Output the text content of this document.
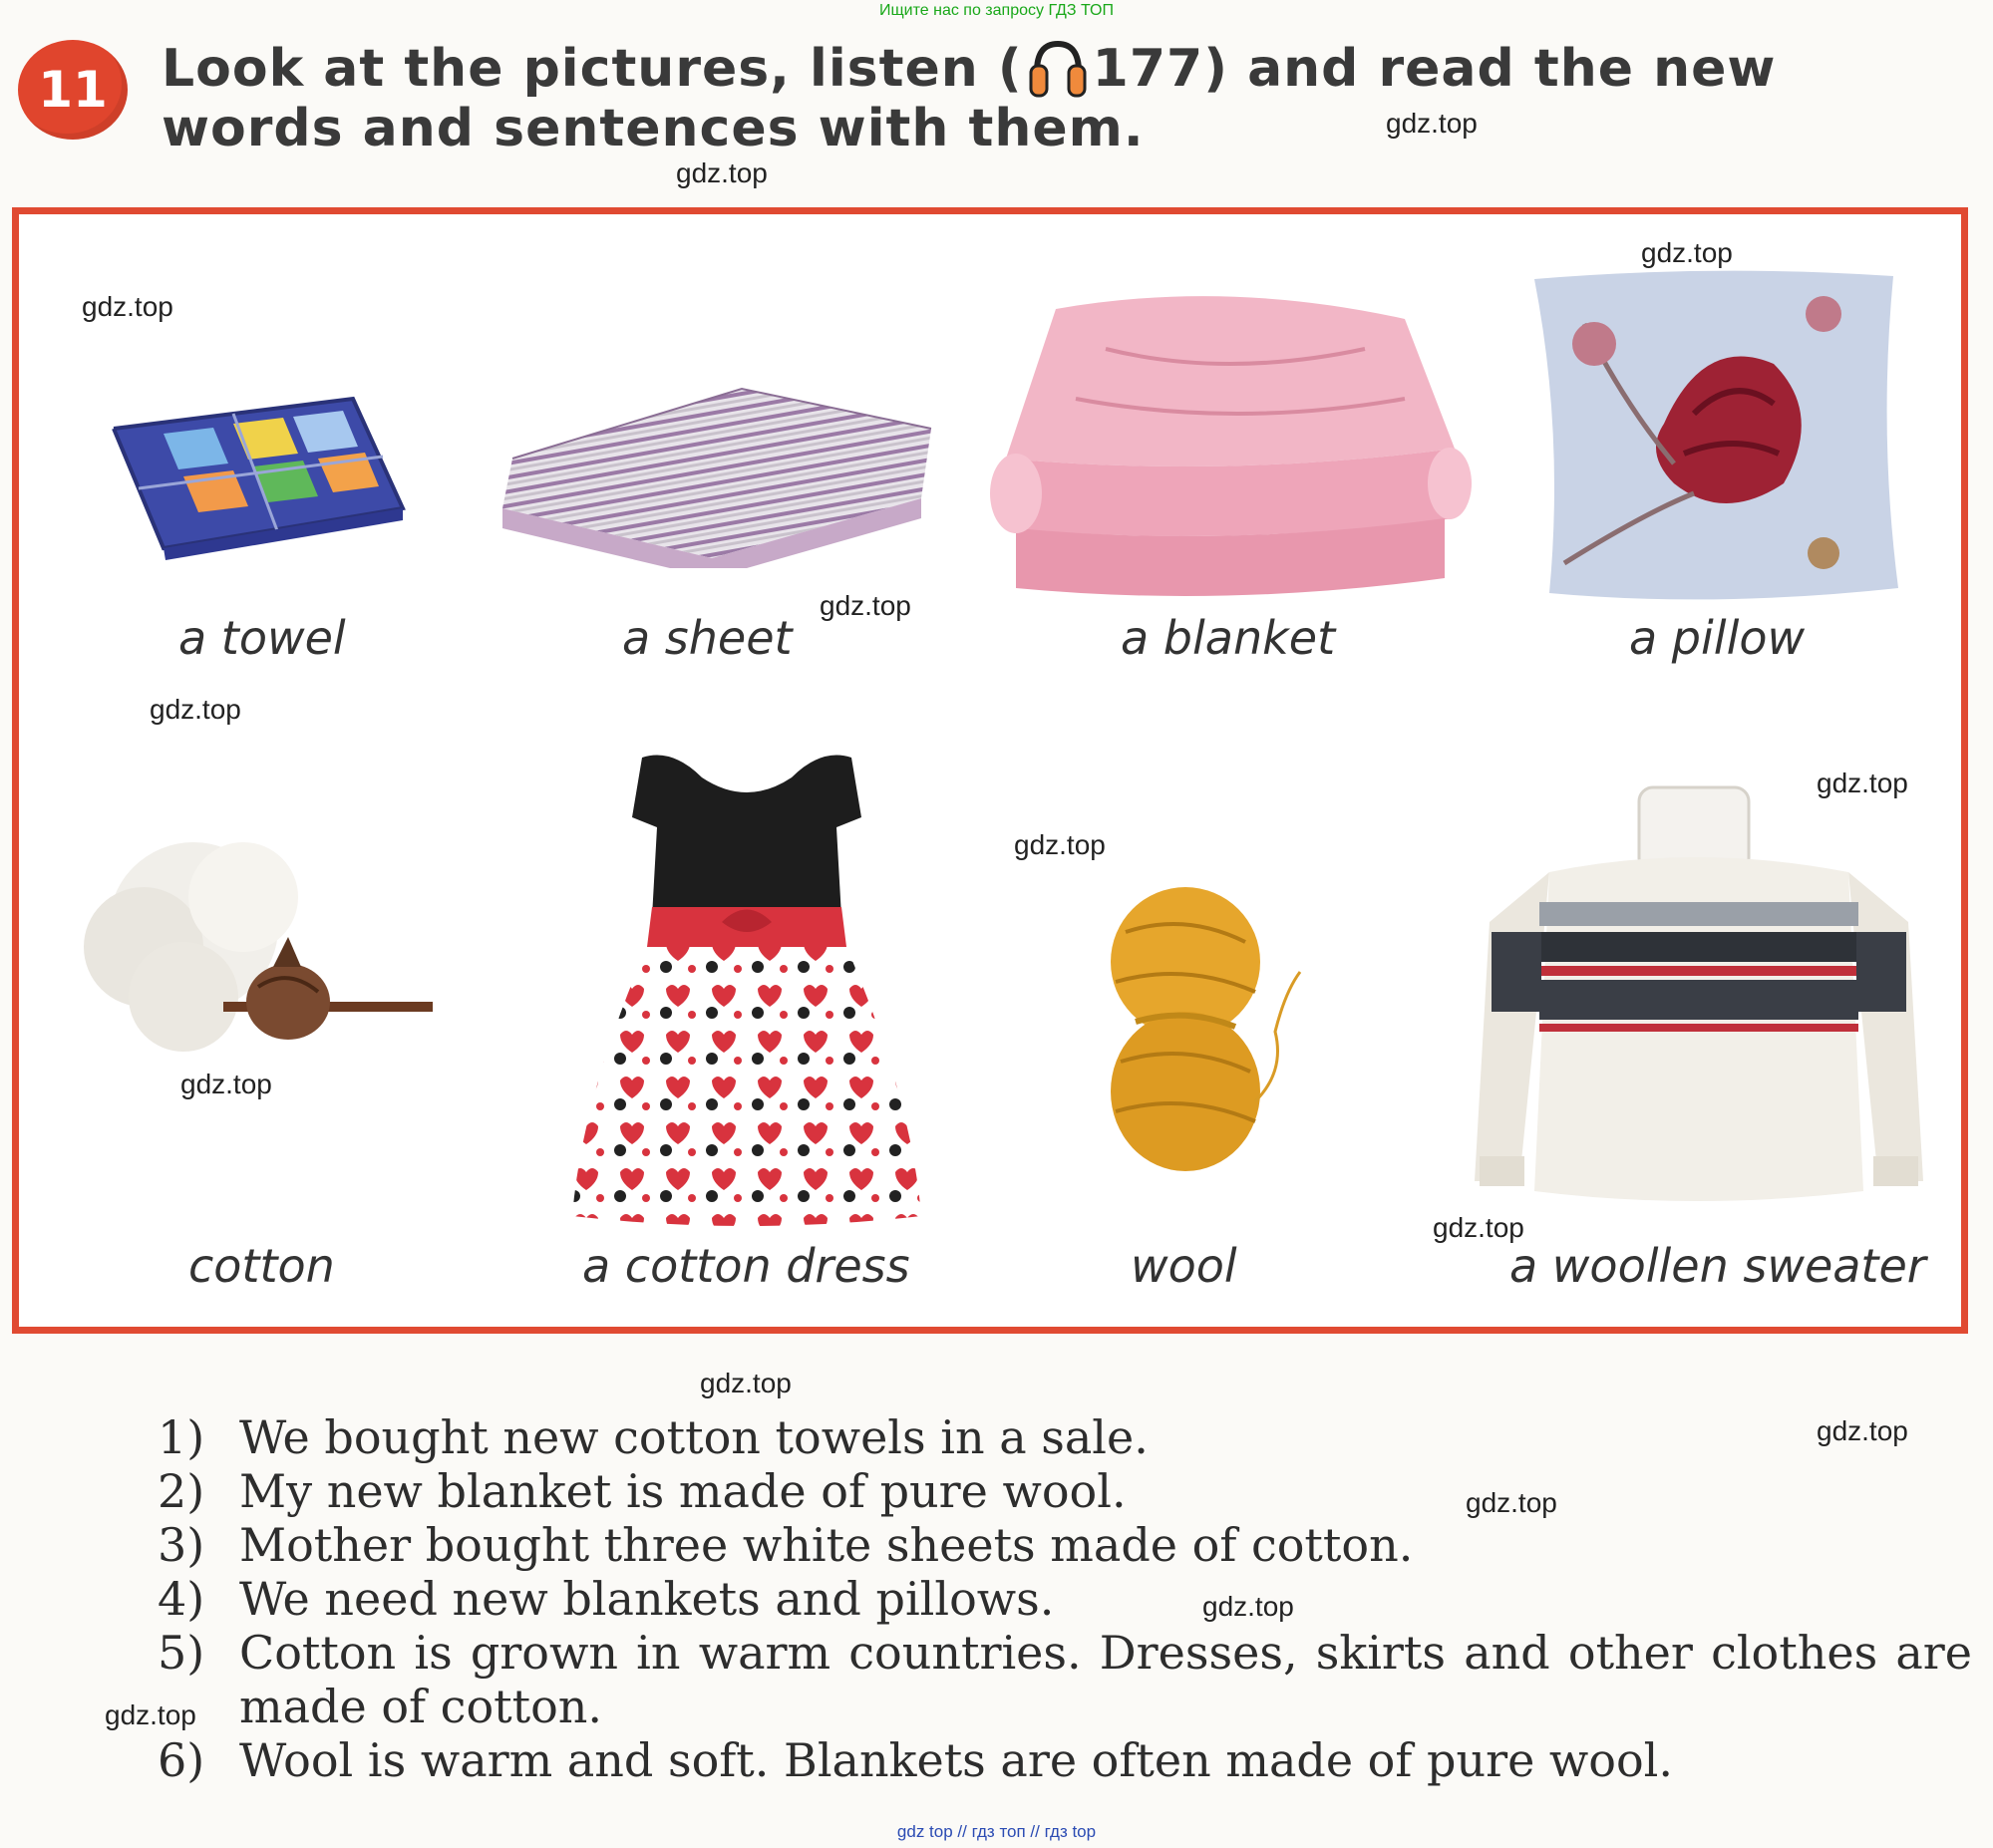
Ищите нас по запросу ГДЗ ТОП
11	Look at the pictures, listen ( 177) and read the new words and sentences with them.
a towel	a sheet	a blanket	a pillow
cotton	a cotton dress	wool	a woollen sweater
gdz.top
gdz.top
gdz.top
gdz.top
gdz.top
gdz.top
gdz.top
gdz.top
gdz.top
gdz.top
gdz.top
gdz.top
gdz.top
gdz.top
gdz.top
1) We bought new cotton towels in a sale.
2) My new blanket is made of pure wool.
3) Mother bought three white sheets made of cotton.
4) We need new blankets and pillows.
5) Cotton is grown in warm countries. Dresses, skirts and other clothes are made of cotton.
6) Wool is warm and soft. Blankets are often made of pure wool.
gdz top // гдз топ // гдз top
